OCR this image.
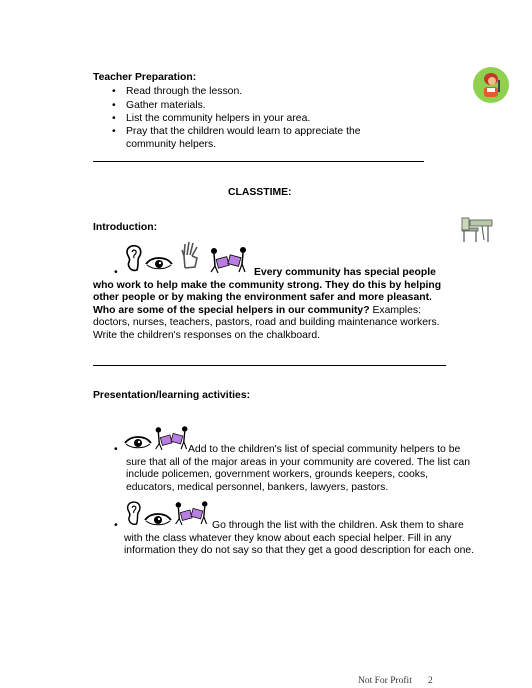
Teacher Preparation:
• Read through the lesson.
• Gather materials.
• List the community helpers in your area.
• Pray that the children would learn to appreciate the community helpers.
CLASSTIME:
Introduction:
•	Every community has special people who work to help make the community strong. They do this by helping other people or by making the environment safer and more pleasant. Who are some of the special helpers in our community? Examples: doctors, nurses, teachers, pastors, road and building maintenance workers. Write the children's responses on the chalkboard.
Presentation/learning activities:
•	Add to the children's list of special community helpers to be sure that all of the major areas in your community are covered. The list can include policemen, government workers, grounds keepers, cooks, educators, medical personnel, bankers, lawyers, pastors.
•	Go through the list with the children. Ask them to share with the class whatever they know about each special helper. Fill in any information they do not say so that they get a good description for each one.
Not For Profit 2
